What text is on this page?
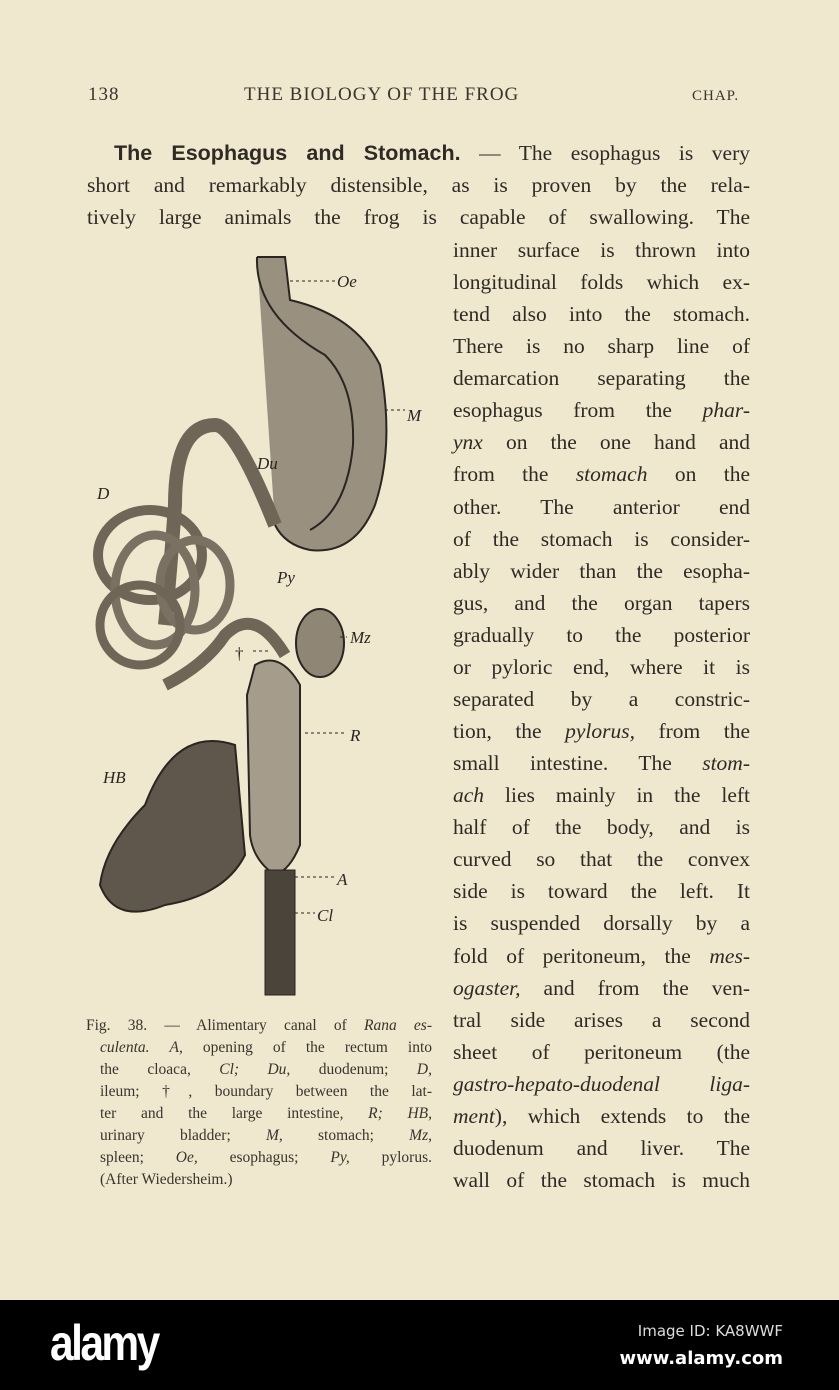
138	THE BIOLOGY OF THE FROG	CHAP.
The Esophagus and Stomach. — The esophagus is very
short and remarkably distensible, as is proven by the rela-
tively large animals the frog is capable of swallowing. The
inner surface is thrown into
longitudinal folds which ex-
tend also into the stomach.
There is no sharp line of
demarcation separating the
esophagus from the phar-
ynx on the one hand and
from the stomach on the
other. The anterior end
of the stomach is consider-
ably wider than the esopha-
gus, and the organ tapers
gradually to the posterior
or pyloric end, where it is
separated by a constric-
tion, the pylorus, from the
small intestine. The stom-
ach lies mainly in the left
half of the body, and is
curved so that the convex
side is toward the left. It
is suspended dorsally by a
fold of peritoneum, the mes-
ogaster, and from the ven-
tral side arises a second
sheet of peritoneum (the
gastro-hepato-duodenal liga-
ment), which extends to the
duodenum and liver. The
wall of the stomach is much
Oe
M
Du
D
Py
Mz
†
R
HB
A
Cl
Fig. 38. — Alimentary canal of Rana es-
culenta. A, opening of the rectum into
the cloaca, Cl; Du, duodenum; D,
ileum; †, boundary between the lat-
ter and the large intestine, R; HB,
urinary bladder; M, stomach; Mz,
spleen; Oe, esophagus; Py, pylorus.
(After Wiedersheim.)
alamy	Image ID: KA8WWF
www.alamy.com
